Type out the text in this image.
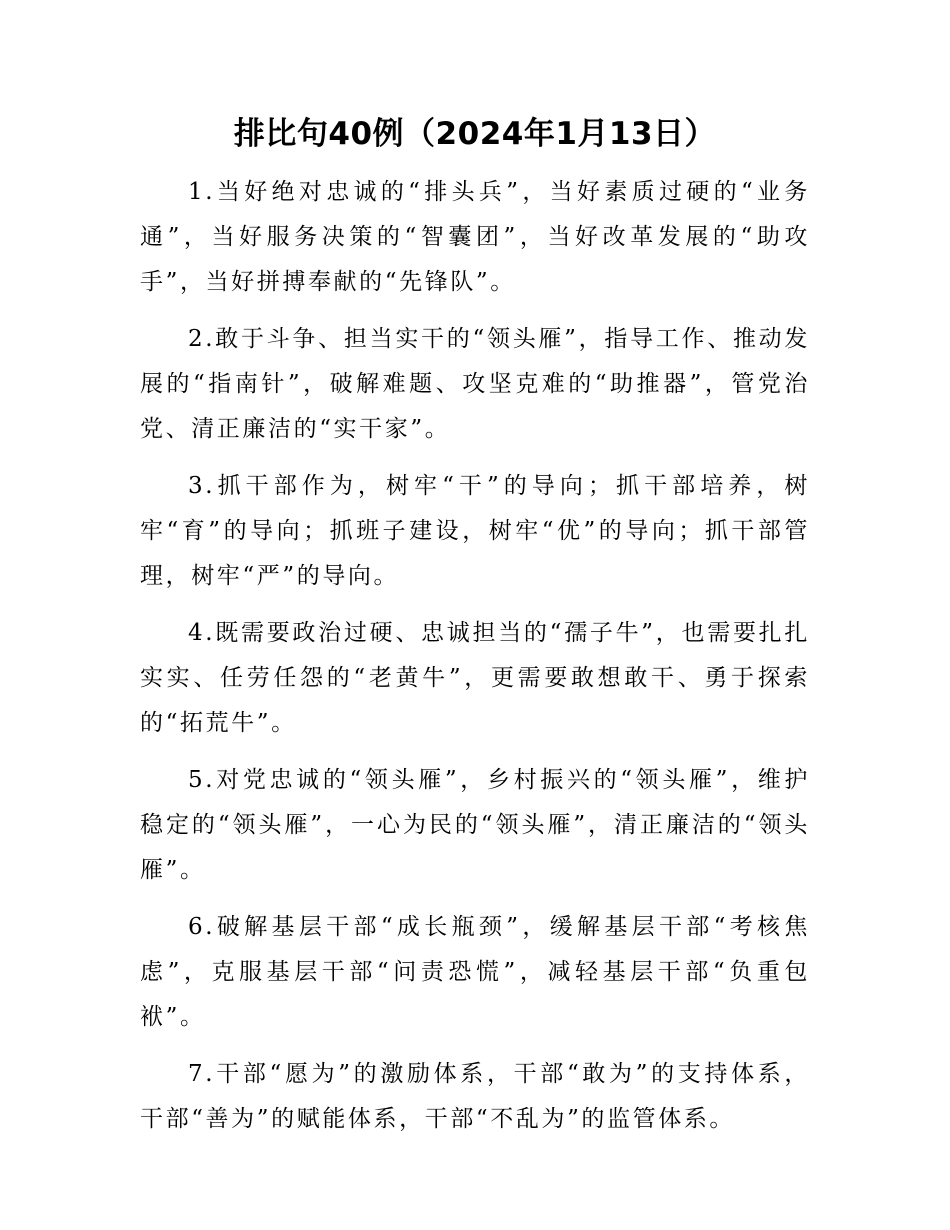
排比句40例（2024年1月13日）

1.当好绝对忠诚的“排头兵”，当好素质过硬的“业务通”，当好服务决策的“智囊团”，当好改革发展的“助攻手”，当好拼搏奉献的“先锋队”。

2.敢于斗争、担当实干的“领头雁”，指导工作、推动发展的“指南针”，破解难题、攻坚克难的“助推器”，管党治党、清正廉洁的“实干家”。

3.抓干部作为，树牢“干”的导向；抓干部培养，树牢“育”的导向；抓班子建设，树牢“优”的导向；抓干部管理，树牢“严”的导向。

4.既需要政治过硬、忠诚担当的“孺子牛”，也需要扎扎实实、任劳任怨的“老黄牛”，更需要敢想敢干、勇于探索的“拓荒牛”。

5.对党忠诚的“领头雁”，乡村振兴的“领头雁”，维护稳定的“领头雁”，一心为民的“领头雁”，清正廉洁的“领头雁”。

6.破解基层干部“成长瓶颈”，缓解基层干部“考核焦虑”，克服基层干部“问责恐慌”，减轻基层干部“负重包袱”。

7.干部“愿为”的激励体系，干部“敢为”的支持体系，干部“善为”的赋能体系，干部“不乱为”的监管体系。
